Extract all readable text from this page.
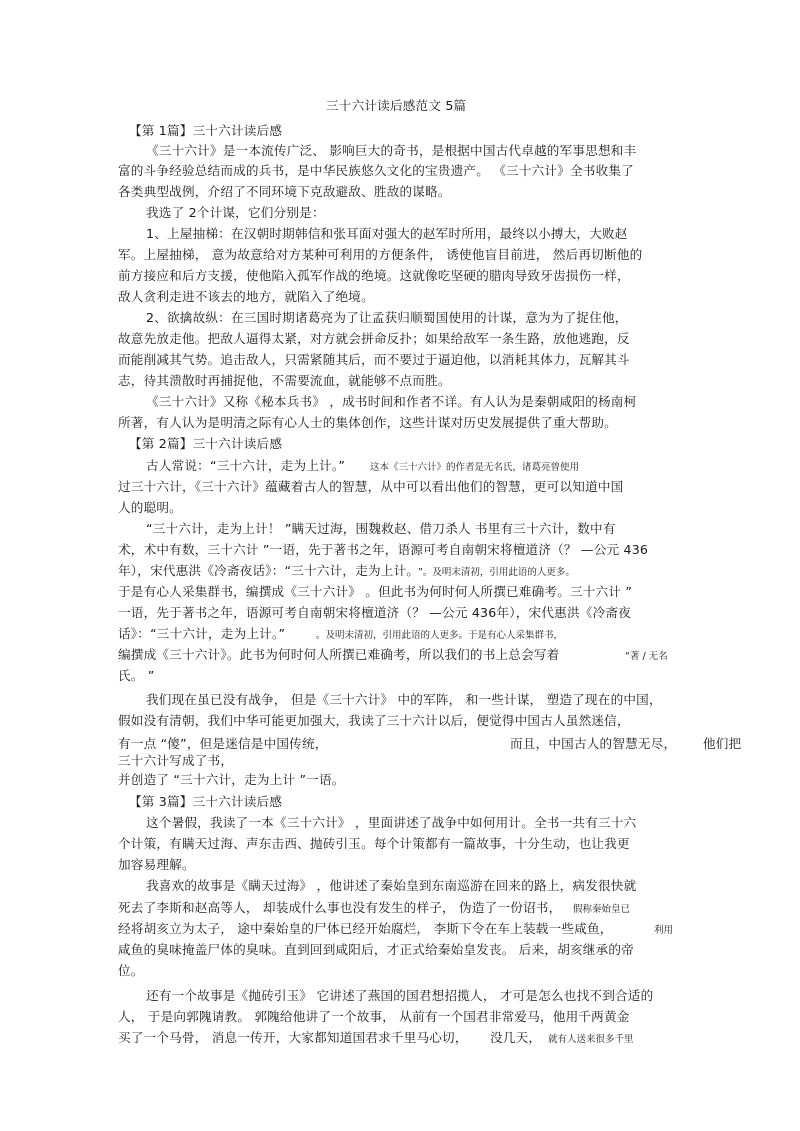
三十六计读后感范文 5篇
【第 1篇】三十六计读后感
《三十六计》是一本流传广泛、 影响巨大的奇书，是根据中国古代卓越的军事思想和丰
富的斗争经验总结而成的兵书，是中华民族悠久文化的宝贵遗产。 《三十六计》全书收集了
各类典型战例，介绍了不同环境下克敌避敌、胜敌的谋略。
我选了 2个计谋，它们分别是：
1、上屋抽梯：在汉朝时期韩信和张耳面对强大的赵军时所用，最终以小搏大，大败赵
军。上屋抽梯， 意为故意给对方某种可利用的方便条件， 诱使他盲目前进， 然后再切断他的
前方接应和后方支援，使他陷入孤军作战的绝境。这就像吃坚硬的腊肉导致牙齿损伤一样，
敌人贪利走进不该去的地方，就陷入了绝境。
2、欲擒故纵：在三国时期诸葛亮为了让孟获归顺蜀国使用的计谋，意为为了捉住他，
故意先放走他。把敌人逼得太紧，对方就会拼命反扑；如果给敌军一条生路，放他逃跑，反
而能削减其气势。追击敌人，只需紧随其后，而不要过于逼迫他，以消耗其体力，瓦解其斗
志，待其溃散时再捕捉他，不需要流血，就能够不点而胜。
《三十六计》又称《秘本兵书》 ，成书时间和作者不详。有人认为是秦朝咸阳的杨南柯
所著，有人认为是明清之际有心人士的集体创作，这些计谋对历史发展提供了重大帮助。
【第 2篇】三十六计读后感
古人常说：“三十六计，走为上计。”	这本《三十六计》的作者是无名氏，诸葛亮曾使用
过三十六计，《三十六计》蕴藏着古人的智慧，从中可以看出他们的智慧，更可以知道中国
人的聪明。
“三十六计，走为上计！ ”瞒天过海，围魏救赵、借刀杀人 书里有三十六计，数中有
术，术中有数，三十六计 ”一语，先于著书之年，语源可考自南朝宋将檀道济（？ —公元 436
年），宋代惠洪《冷斋夜话》：“三十六计，走为上计。
”。及明末清初，引用此语的人更多。
于是有心人采集群书，编撰成《三十六计》 。但此书为何时何人所撰已难确考。三十六计 ”
一语，先于著书之年，语源可考自南朝宋将檀道济（？ —公元 436年），宋代惠洪《冷斋夜
话》：“三十六计，走为上计。”	。及明末清初，引用此语的人更多。于是有心人采集群书，
编撰成《三十六计》。此书为何时何人所撰已难确考，所以我们的书上总会写着	“著 / 无名
氏。 ”
我们现在虽已没有战争， 但是《三十六计》 中的军阵， 和一些计谋， 塑造了现在的中国，
假如没有清朝，我们中华可能更加强大，我读了三十六计以后，便觉得中国古人虽然迷信，
有一点 “傻”，但是迷信是中国传统，	而且，中国古人的智慧无尽， 他们把
三十六计写成了书，
并创造了 “三十六计，走为上计 ”一语。
【第 3篇】三十六计读后感
这个暑假，我读了一本《三十六计》 ，里面讲述了战争中如何用计。全书一共有三十六
个计策，有瞒天过海、声东击西、抛砖引玉。每个计策都有一篇故事，十分生动，也让我更
加容易理解。
我喜欢的故事是《瞒天过海》 ，他讲述了秦始皇到东南巡游在回来的路上，病发很快就
死去了李斯和赵高等人， 却装成什么事也没有发生的样子， 伪造了一份诏书， 假称秦始皇已
经将胡亥立为太子， 途中秦始皇的尸体已经开始腐烂， 李斯下令在车上装载一些咸鱼，	利用
咸鱼的臭味掩盖尸体的臭味。直到回到咸阳后，才正式给秦始皇发丧。 后来，胡亥继承的帝
位。
还有一个故事是《抛砖引玉》 它讲述了燕国的国君想招揽人， 才可是怎么也找不到合适的
人， 于是向郭隗请教。 郭隗给他讲了一个故事， 从前有一个国君非常爱马，他用千两黄金
买了一个马骨， 消息一传开，大家都知道国君求千里马心切， 没几天， 就有人送来很多千里
